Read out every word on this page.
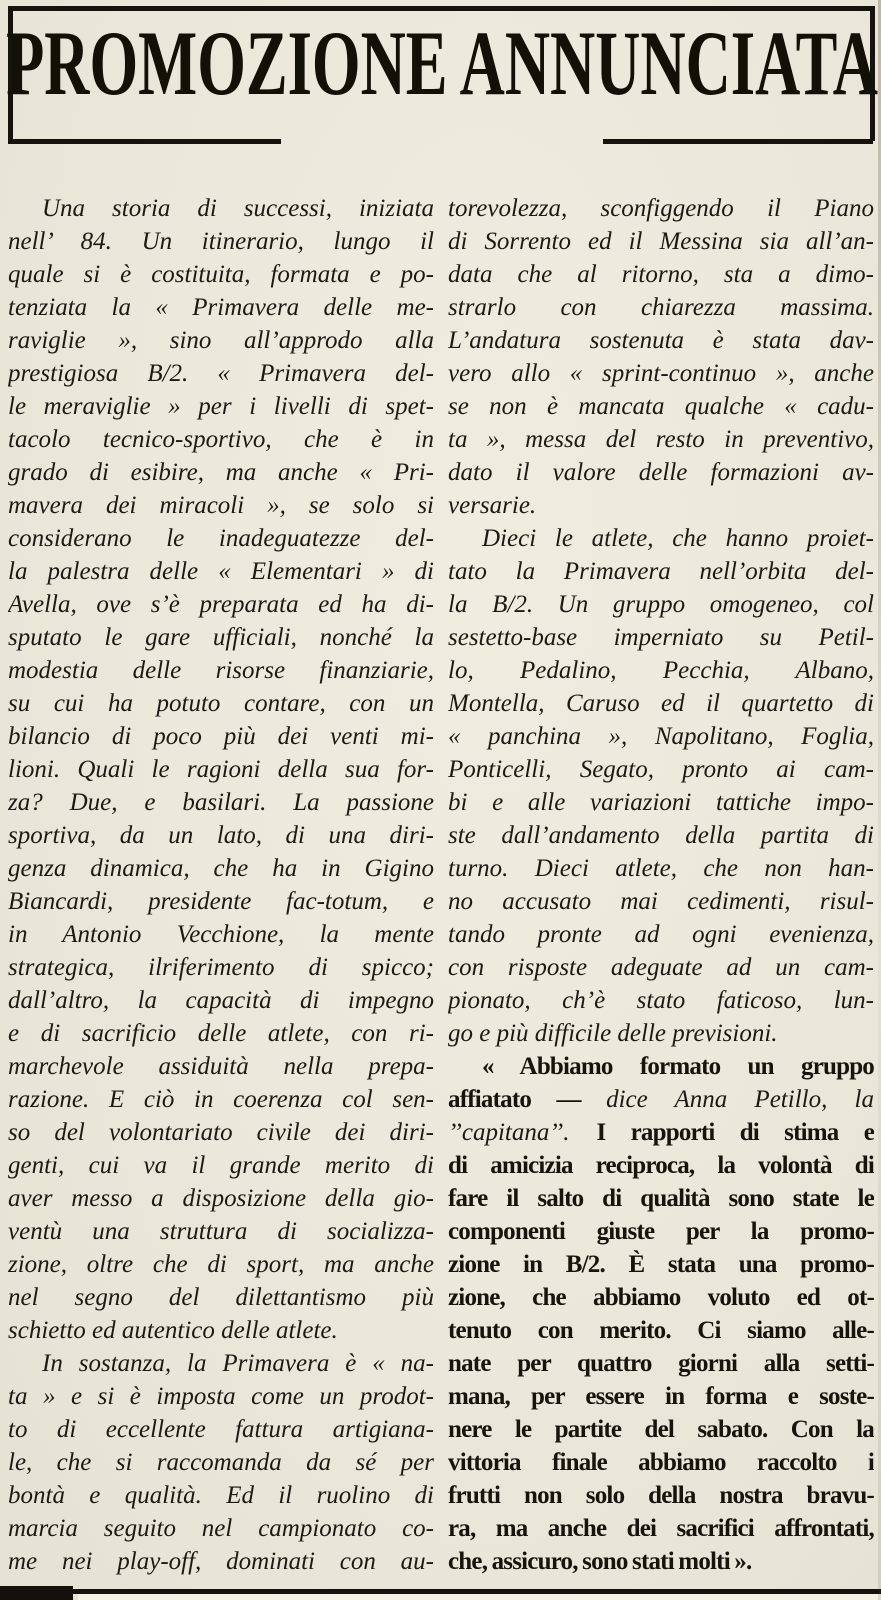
PROMOZIONE ANNUNCIATA
Una storia di successi, iniziata
nell’ 84. Un itinerario, lungo il
quale si è costituita, formata e po-
tenziata la « Primavera delle me-
raviglie », sino all’approdo alla
prestigiosa B/2. « Primavera del-
le meraviglie » per i livelli di spet-
tacolo tecnico-sportivo, che è in
grado di esibire, ma anche « Pri-
mavera dei miracoli », se solo si
considerano le inadeguatezze del-
la palestra delle « Elementari » di
Avella, ove s’è preparata ed ha di-
sputato le gare ufficiali, nonché la
modestia delle risorse finanziarie,
su cui ha potuto contare, con un
bilancio di poco più dei venti mi-
lioni. Quali le ragioni della sua for-
za? Due, e basilari. La passione
sportiva, da un lato, di una diri-
genza dinamica, che ha in Gigino
Biancardi, presidente fac-totum, e
in Antonio Vecchione, la mente
strategica, ilriferimento di spicco;
dall’altro, la capacità di impegno
e di sacrificio delle atlete, con ri-
marchevole assiduità nella prepa-
razione. E ciò in coerenza col sen-
so del volontariato civile dei diri-
genti, cui va il grande merito di
aver messo a disposizione della gio-
ventù una struttura di socializza-
zione, oltre che di sport, ma anche
nel segno del dilettantismo più
schietto ed autentico delle atlete.
In sostanza, la Primavera è « na-
ta » e si è imposta come un prodot-
to di eccellente fattura artigiana-
le, che si raccomanda da sé per
bontà e qualità. Ed il ruolino di
marcia seguito nel campionato co-
me nei play-off, dominati con au-
torevolezza, sconfiggendo il Piano
di Sorrento ed il Messina sia all’an-
data che al ritorno, sta a dimo-
strarlo con chiarezza massima.
L’andatura sostenuta è stata dav-
vero allo « sprint-continuo », anche
se non è mancata qualche « cadu-
ta », messa del resto in preventivo,
dato il valore delle formazioni av-
versarie.
Dieci le atlete, che hanno proiet-
tato la Primavera nell’orbita del-
la B/2. Un gruppo omogeneo, col
sestetto-base imperniato su Petil-
lo, Pedalino, Pecchia, Albano,
Montella, Caruso ed il quartetto di
« panchina », Napolitano, Foglia,
Ponticelli, Segato, pronto ai cam-
bi e alle variazioni tattiche impo-
ste dall’andamento della partita di
turno. Dieci atlete, che non han-
no accusato mai cedimenti, risul-
tando pronte ad ogni evenienza,
con risposte adeguate ad un cam-
pionato, ch’è stato faticoso, lun-
go e più difficile delle previsioni.
« Abbiamo formato un gruppo
affiatato — dice Anna Petillo, la
’’capitana’’. I rapporti di stima e
di amicizia reciproca, la volontà di
fare il salto di qualità sono state le
componenti giuste per la promo-
zione in B/2. È stata una promo-
zione, che abbiamo voluto ed ot-
tenuto con merito. Ci siamo alle-
nate per quattro giorni alla setti-
mana, per essere in forma e soste-
nere le partite del sabato. Con la
vittoria finale abbiamo raccolto i
frutti non solo della nostra bravu-
ra, ma anche dei sacrifici affrontati,
che, assicuro, sono stati molti ».
